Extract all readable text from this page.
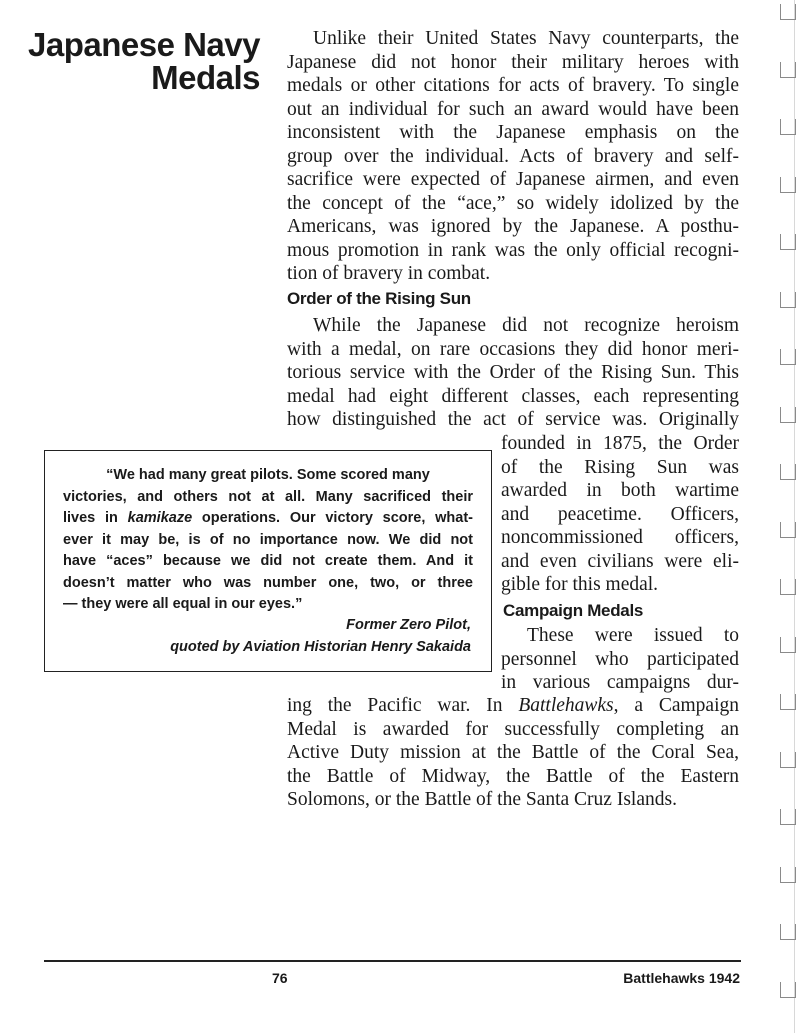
Japanese Navy
Medals
Unlike their United States Navy counterparts, the
Japanese did not honor their military heroes with
medals or other citations for acts of bravery. To single
out an individual for such an award would have been
inconsistent with the Japanese emphasis on the
group over the individual. Acts of bravery and self-
sacrifice were expected of Japanese airmen, and even
the concept of the “ace,” so widely idolized by the
Americans, was ignored by the Japanese. A posthu-
mous promotion in rank was the only official recogni-
tion of bravery in combat.
Order of the Rising Sun
While the Japanese did not recognize heroism
with a medal, on rare occasions they did honor meri-
torious service with the Order of the Rising Sun. This
medal had eight different classes, each representing
how distinguished the act of service was. Originally
founded in 1875, the Order
of the Rising Sun was
awarded in both wartime
and peacetime. Officers,
noncommissioned officers,
and even civilians were eli-
gible for this medal.
Campaign Medals
These were issued to
personnel who participated
in various campaigns dur-
ing the Pacific war. In Battlehawks, a Campaign
Medal is awarded for successfully completing an
Active Duty mission at the Battle of the Coral Sea,
the Battle of Midway, the Battle of the Eastern
Solomons, or the Battle of the Santa Cruz Islands.
“We had many great pilots. Some scored many
victories, and others not at all. Many sacrificed their
lives in kamikaze operations. Our victory score, what-
ever it may be, is of no importance now. We did not
have “aces” because we did not create them. And it
doesn’t matter who was number one, two, or three
— they were all equal in our eyes.”
Former Zero Pilot,
quoted by Aviation Historian Henry Sakaida
76	Battlehawks 1942
